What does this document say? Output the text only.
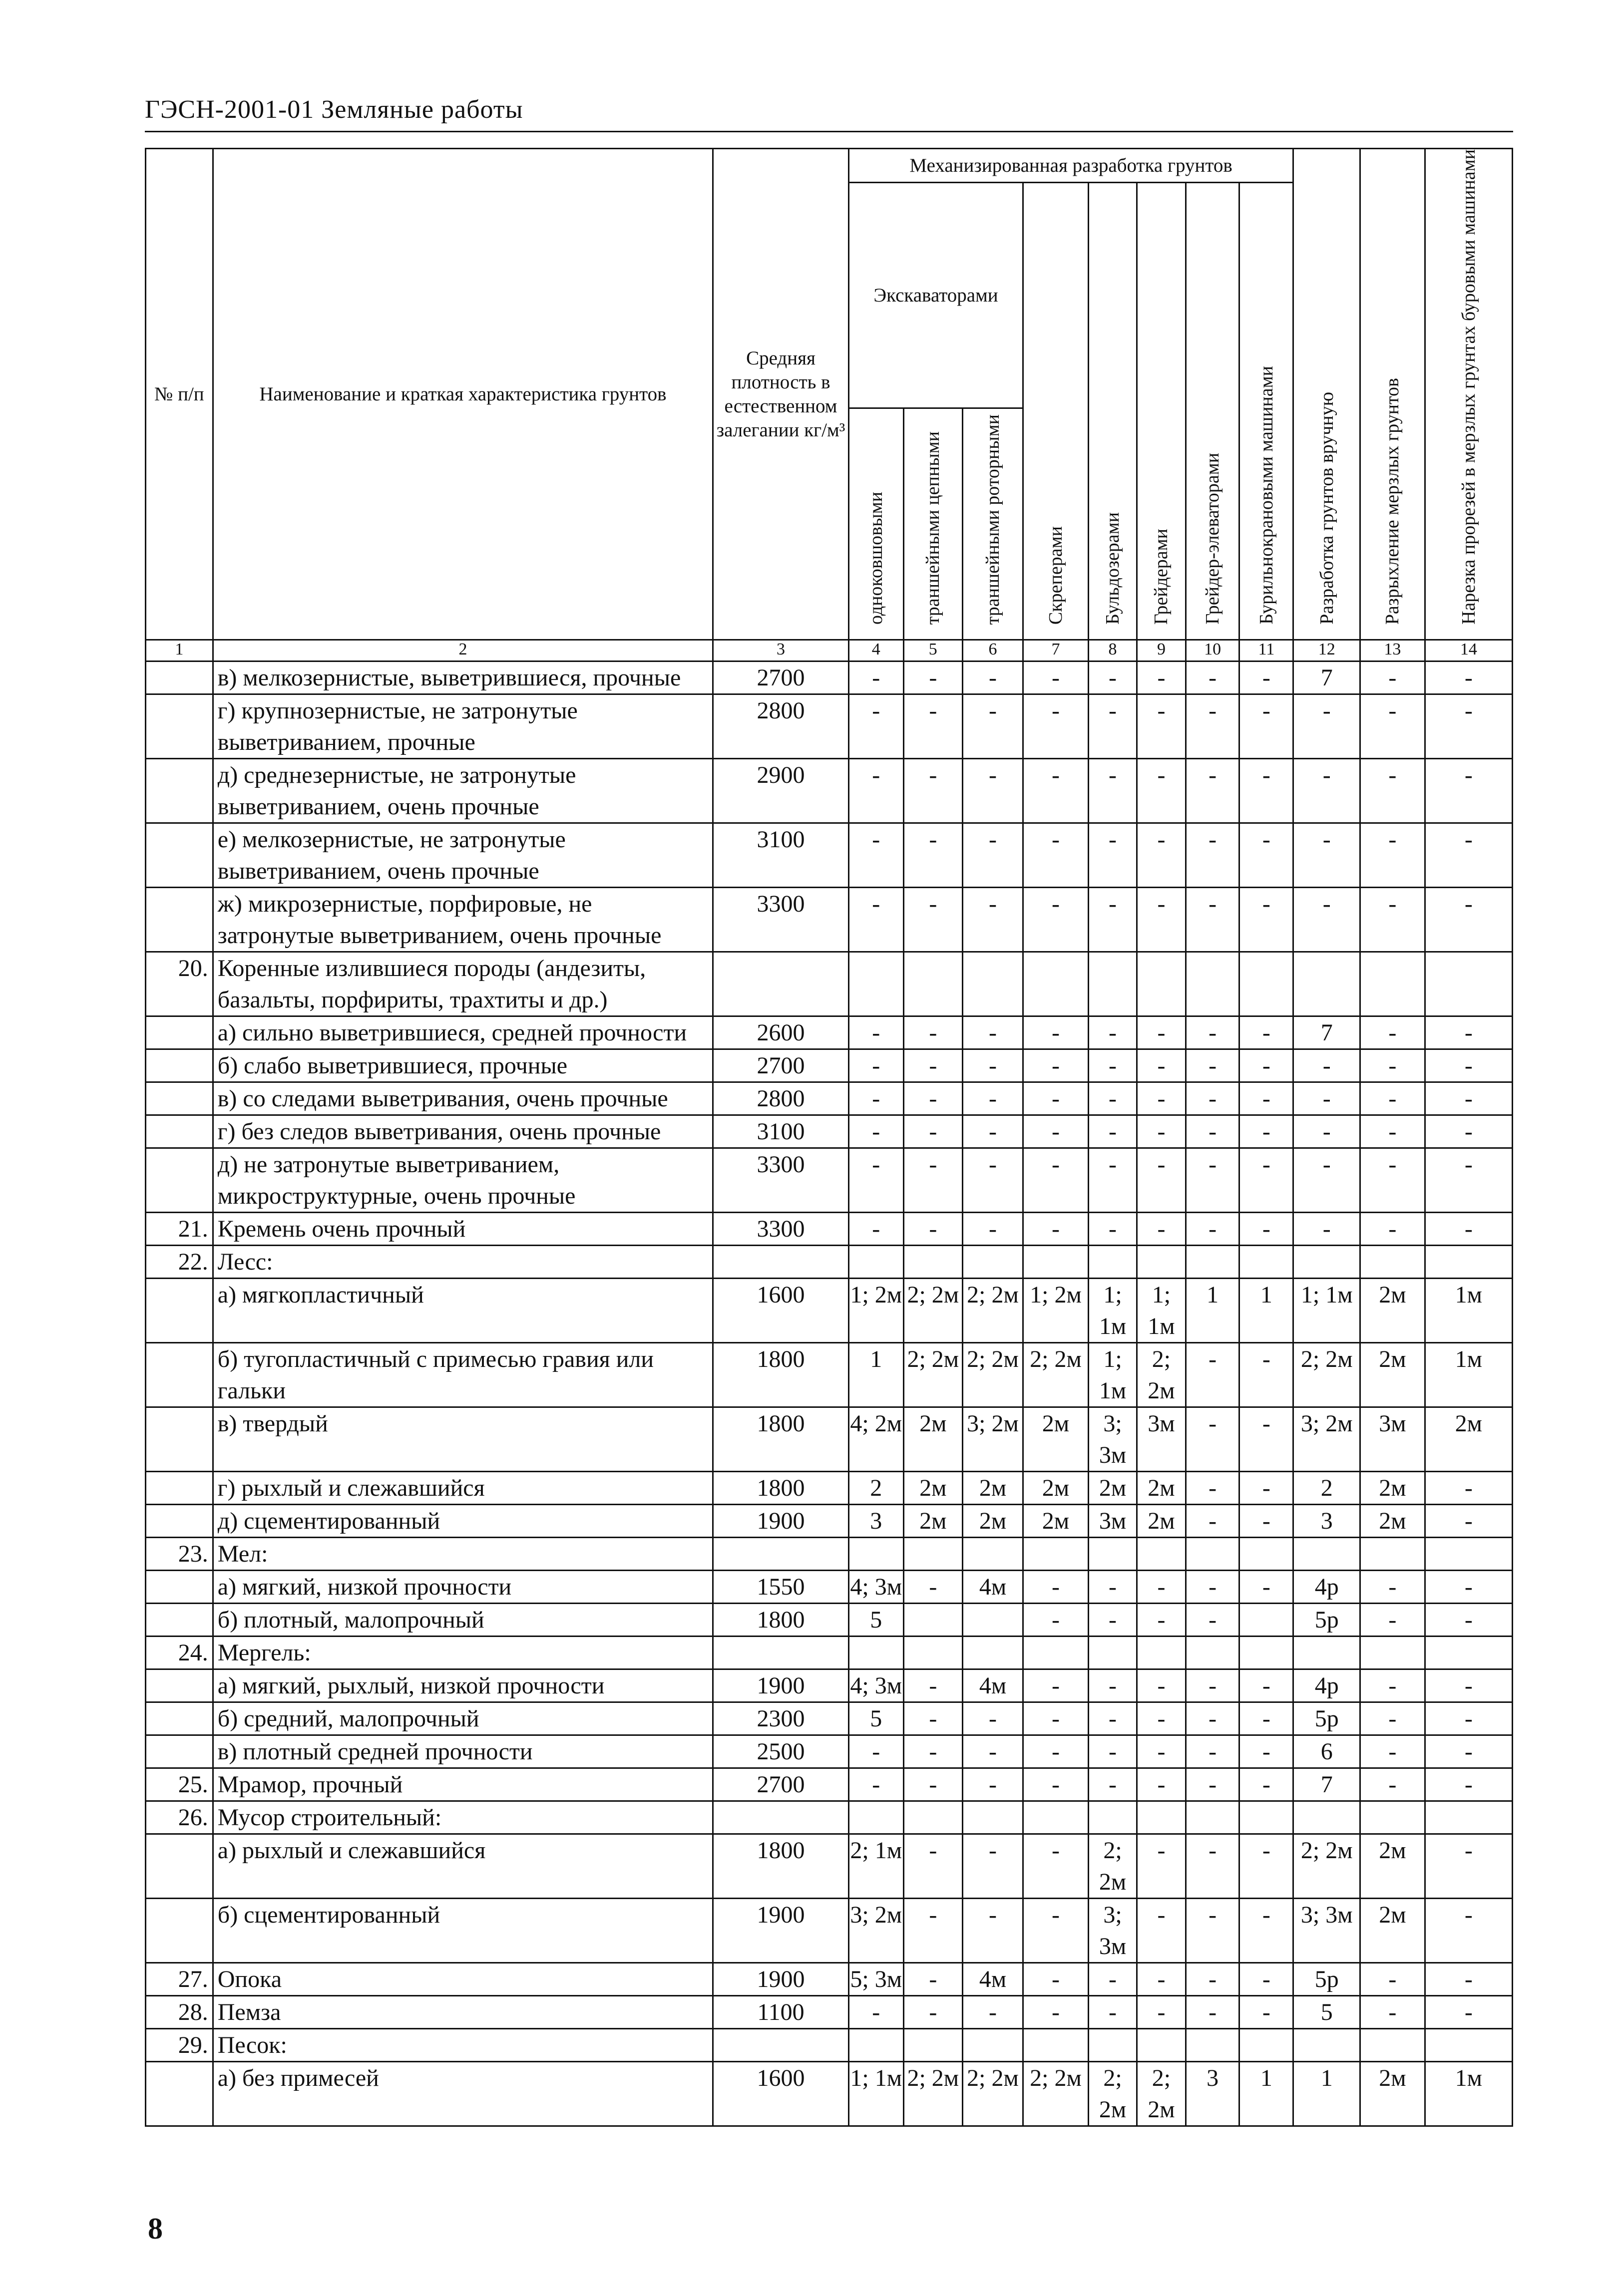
ГЭСН-2001-01 Земляные работы
№ п/п	Наименование и краткая характеристика грунтов	Средняя плотность в естественном залегании кг/м³	Механизированная разработка грунтов								Разработка грунтов вручную	Разрыхление мерзлых грунтов	Нарезка прорезей в мерзлых грунтах буровыми машинами
			Экскаваторами			Скреперами	Бульдозерами	Грейдерами	Грейдер-элеваторами	Бурильнокрановыми машинами			
			одноковшовыми	траншейными цепными	траншейными роторными								
1	2	3	4	5	6	7	8	9	10	11	12	13	14
	в) мелкозернистые, выветрившиеся, прочные	2700	-	-	-	-	-	-	-	-	7	-	-
	г) крупнозернистые, не затронутые выветриванием, прочные	2800	-	-	-	-	-	-	-	-	-	-	-
	д) среднезернистые, не затронутые выветриванием, очень прочные	2900	-	-	-	-	-	-	-	-	-	-	-
	е) мелкозернистые, не затронутые выветриванием, очень прочные	3100	-	-	-	-	-	-	-	-	-	-	-
	ж) микрозернистые, порфировые, не затронутые выветриванием, очень прочные	3300	-	-	-	-	-	-	-	-	-	-	-
20.	Коренные излившиеся породы (андезиты, базальты, порфириты, трахтиты и др.)												
	а) сильно выветрившиеся, средней прочности	2600	-	-	-	-	-	-	-	-	7	-	-
	б) слабо выветрившиеся, прочные	2700	-	-	-	-	-	-	-	-	-	-	-
	в) со следами выветривания, очень прочные	2800	-	-	-	-	-	-	-	-	-	-	-
	г) без следов выветривания, очень прочные	3100	-	-	-	-	-	-	-	-	-	-	-
	д) не затронутые выветриванием, микроструктурные, очень прочные	3300	-	-	-	-	-	-	-	-	-	-	-
21.	Кремень очень прочный	3300	-	-	-	-	-	-	-	-	-	-	-
22.	Лесс:												
	а) мягкопластичный	1600	1; 2м	2; 2м	2; 2м	1; 2м	1; 1м	1; 1м	1	1	1; 1м	2м	1м
	б) тугопластичный с примесью гравия или гальки	1800	1	2; 2м	2; 2м	2; 2м	1; 1м	2; 2м	-	-	2; 2м	2м	1м
	в) твердый	1800	4; 2м	2м	3; 2м	2м	3; 3м	3м	-	-	3; 2м	3м	2м
	г) рыхлый и слежавшийся	1800	2	2м	2м	2м	2м	2м	-	-	2	2м	-
	д) сцементированный	1900	3	2м	2м	2м	3м	2м	-	-	3	2м	-
23.	Мел:												
	а) мягкий, низкой прочности	1550	4; 3м	-	4м	-	-	-	-	-	4р	-	-
	б) плотный, малопрочный	1800	5			-	-	-	-		5р	-	-
24.	Мергель:												
	а) мягкий, рыхлый, низкой прочности	1900	4; 3м	-	4м	-	-	-	-	-	4р	-	-
	б) средний, малопрочный	2300	5	-	-	-	-	-	-	-	5р	-	-
	в) плотный средней прочности	2500	-	-	-	-	-	-	-	-	6	-	-
25.	Мрамор, прочный	2700	-	-	-	-	-	-	-	-	7	-	-
26.	Мусор строительный:												
	а) рыхлый и слежавшийся	1800	2; 1м	-	-	-	2; 2м	-	-	-	2; 2м	2м	-
	б) сцементированный	1900	3; 2м	-	-	-	3; 3м	-	-	-	3; 3м	2м	-
27.	Опока	1900	5; 3м	-	4м	-	-	-	-	-	5р	-	-
28.	Пемза	1100	-	-	-	-	-	-	-	-	5	-	-
29.	Песок:												
	а) без примесей	1600	1; 1м	2; 2м	2; 2м	2; 2м	2; 2м	2; 2м	3	1	1	2м	1м
8
